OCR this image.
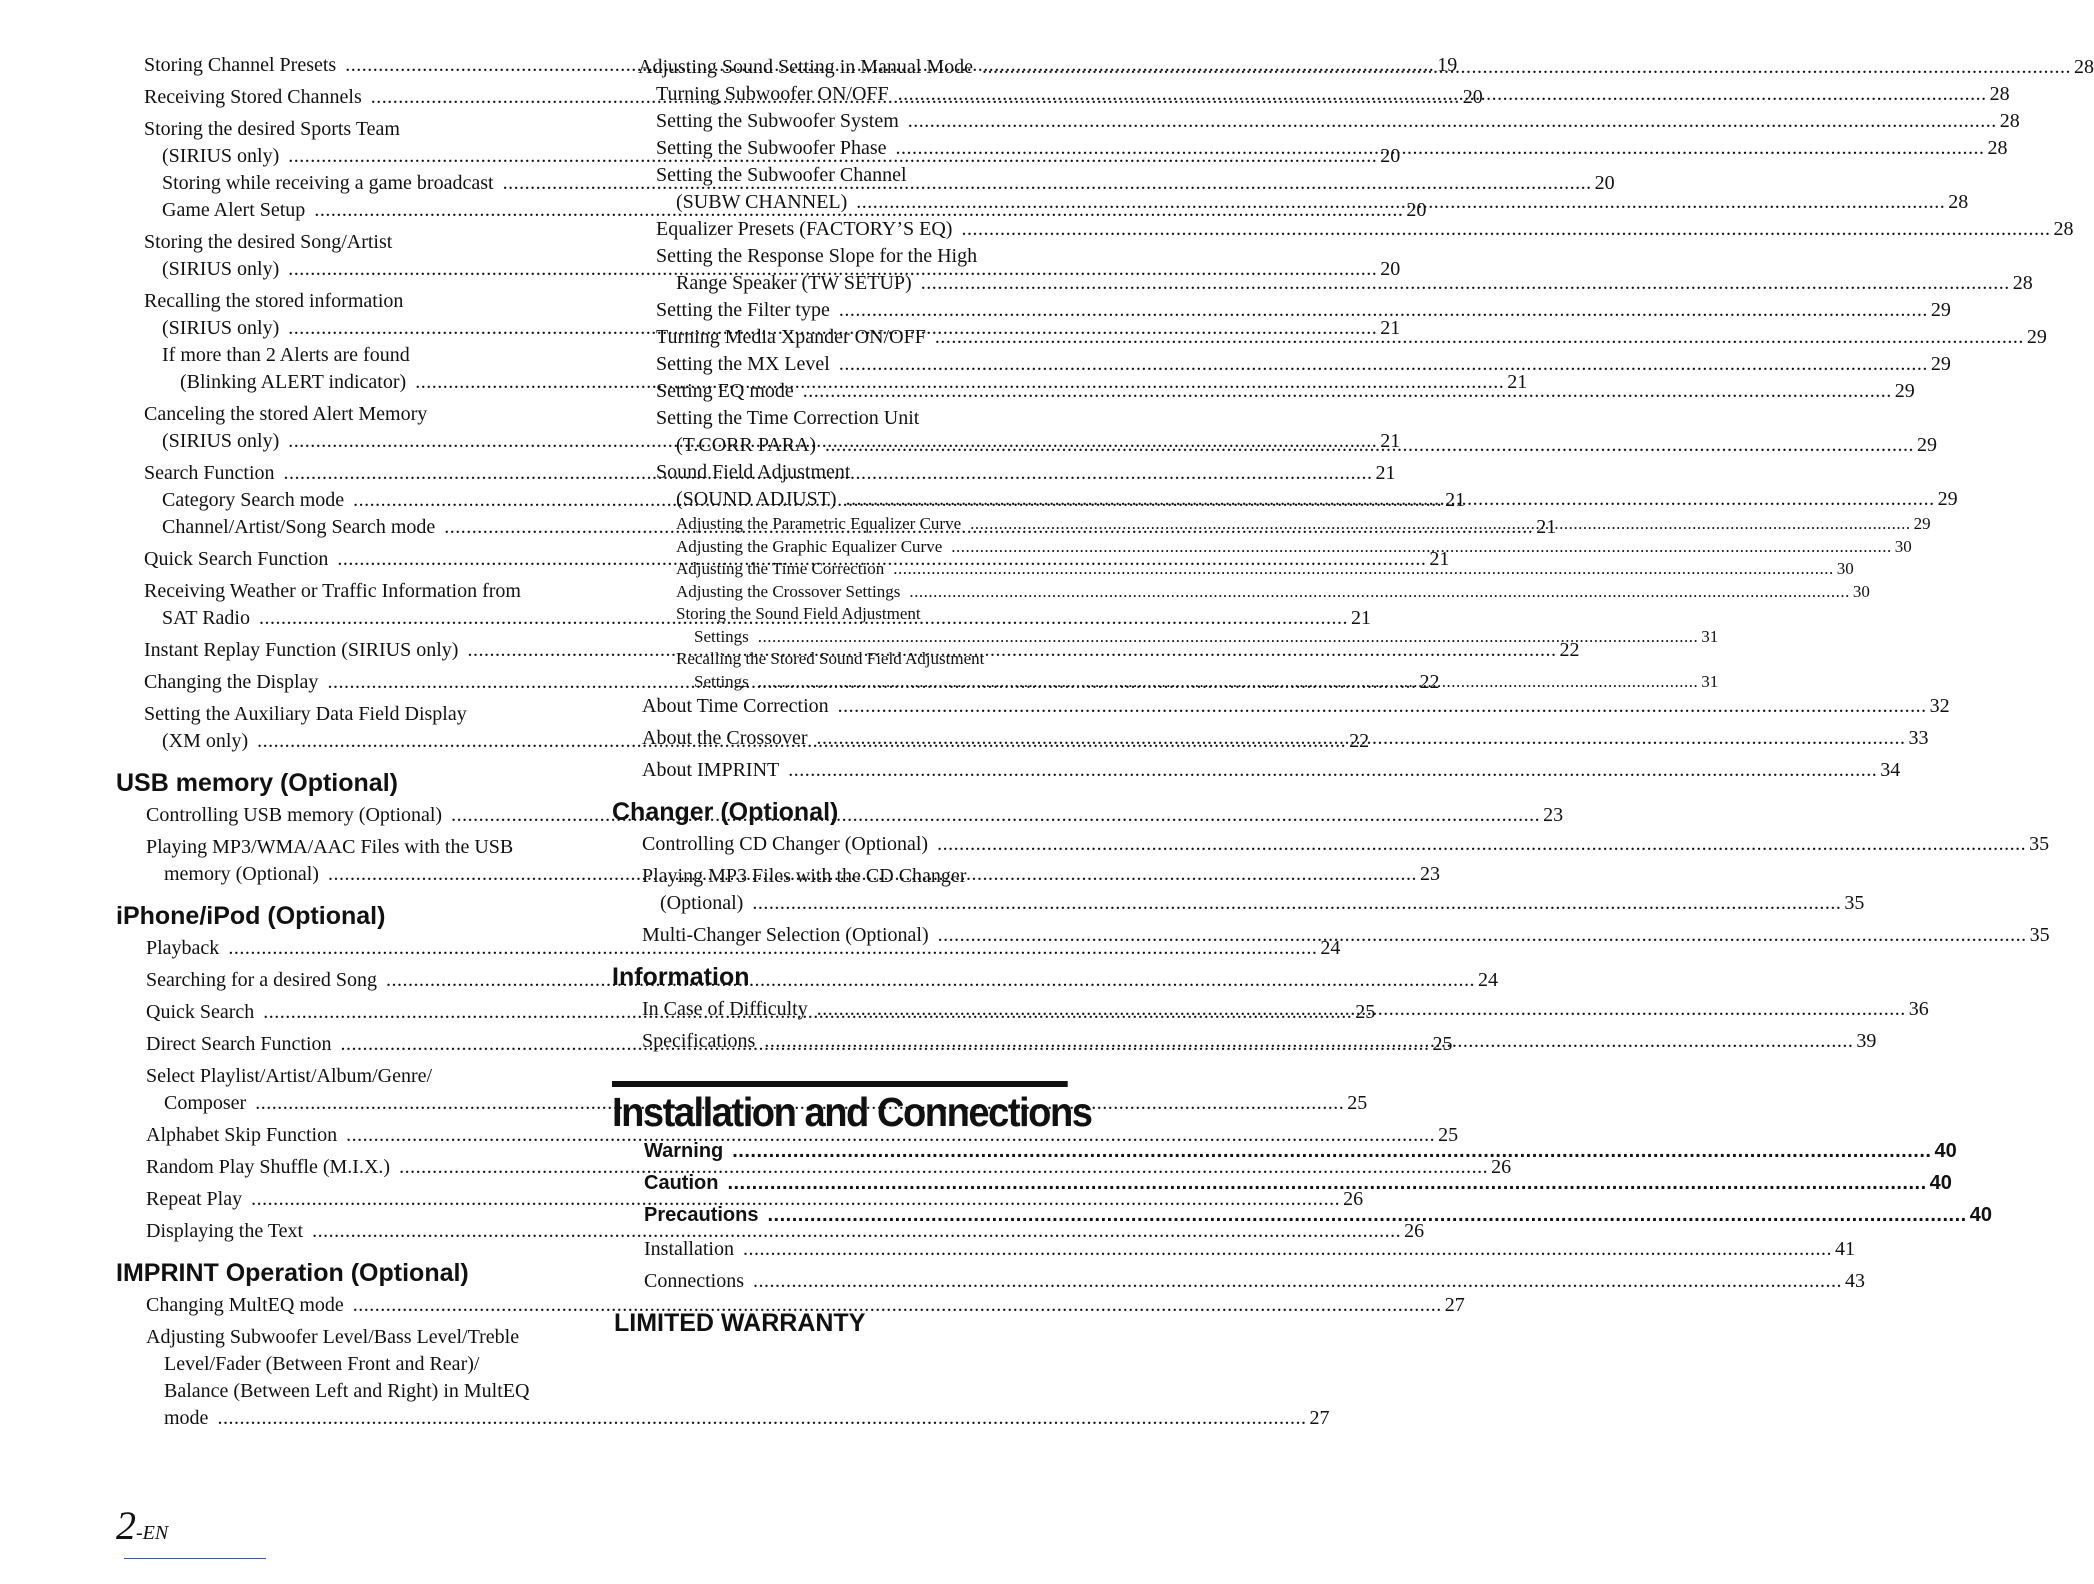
Storing Channel Presets .....	19
Receiving Stored Channels .....	20
Storing the desired Sports Team
(SIRIUS only) .....	20
Storing while receiving a game broadcast .....	20
Game Alert Setup .....	20
Storing the desired Song/Artist
(SIRIUS only) .....	20
Recalling the stored information
(SIRIUS only) .....	21
If more than 2 Alerts are found
(Blinking ALERT indicator) .....	21
Canceling the stored Alert Memory
(SIRIUS only) .....	21
Search Function .....	21
Category Search mode .....	21
Channel/Artist/Song Search mode .....	21
Quick Search Function .....	21
Receiving Weather or Traffic Information from
SAT Radio .....	21
Instant Replay Function (SIRIUS only) .....	22
Changing the Display .....	22
Setting the Auxiliary Data Field Display
(XM only) .....	22
USB memory (Optional)
Controlling USB memory (Optional) .....	23
Playing MP3/WMA/AAC Files with the USB
memory (Optional) .....	23
iPhone/iPod (Optional)
Playback .....	24
Searching for a desired Song .....	24
Quick Search .....	25
Direct Search Function .....	25
Select Playlist/Artist/Album/Genre/
Composer .....	25
Alphabet Skip Function .....	25
Random Play Shuffle (M.I.X.) .....	26
Repeat Play .....	26
Displaying the Text .....	26
IMPRINT Operation (Optional)
Changing MultEQ mode .....	27
Adjusting Subwoofer Level/Bass Level/Treble
Level/Fader (Between Front and Rear)/
Balance (Between Left and Right) in MultEQ
mode .....	27
Adjusting Sound Setting in Manual Mode .....	28
Turning Subwoofer ON/OFF .....	28
Setting the Subwoofer System .....	28
Setting the Subwoofer Phase .....	28
Setting the Subwoofer Channel
(SUBW CHANNEL) .....	28
Equalizer Presets (FACTORY’S EQ) .....	28
Setting the Response Slope for the High
Range Speaker (TW SETUP) .....	28
Setting the Filter type .....	29
Turning Media Xpander ON/OFF .....	29
Setting the MX Level .....	29
Setting EQ mode .....	29
Setting the Time Correction Unit
(T.CORR PARA) .....	29
Sound Field Adjustment
(SOUND ADJUST) .....	29
Adjusting the Parametric Equalizer Curve .....	29
Adjusting the Graphic Equalizer Curve .....	30
Adjusting the Time Correction .....	30
Adjusting the Crossover Settings .....	30
Storing the Sound Field Adjustment
Settings .....	31
Recalling the Stored Sound Field Adjustment
Settings .....	31
About Time Correction .....	32
About the Crossover .....	33
About IMPRINT .....	34
Changer (Optional)
Controlling CD Changer (Optional) .....	35
Playing MP3 Files with the CD Changer
(Optional) .....	35
Multi-Changer Selection (Optional) .....	35
Information
In Case of Difficulty .....	36
Specifications .....	39
Installation and Connections
Warning .....	40
Caution .....	40
Precautions .....	40
Installation .....	41
Connections .....	43
LIMITED WARRANTY
2-EN
